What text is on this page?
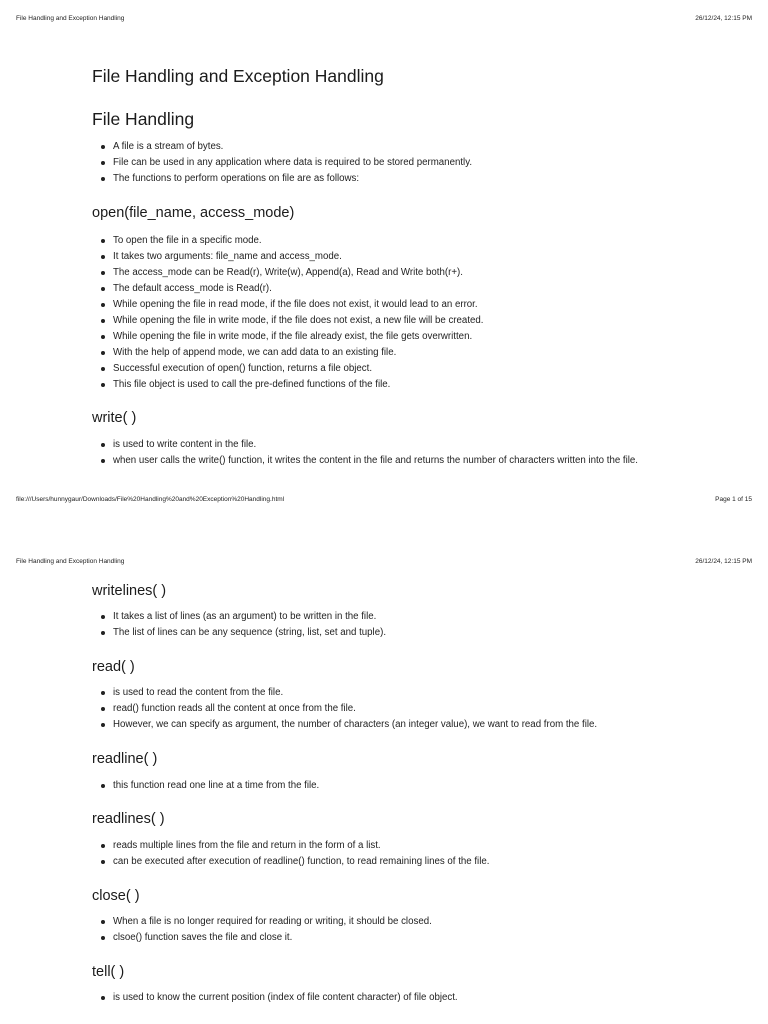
File Handling and Exception Handling	26/12/24, 12:15 PM
File Handling and Exception Handling
File Handling
A file is a stream of bytes.
File can be used in any application where data is required to be stored permanently.
The functions to perform operations on file are as follows:
open(file_name, access_mode)
To open the file in a specific mode.
It takes two arguments: file_name and access_mode.
The access_mode can be Read(r), Write(w), Append(a), Read and Write both(r+).
The default access_mode is Read(r).
While opening the file in read mode, if the file does not exist, it would lead to an error.
While opening the file in write mode, if the file does not exist, a new file will be created.
While opening the file in write mode, if the file already exist, the file gets overwritten.
With the help of append mode, we can add data to an existing file.
Successful execution of open() function, returns a file object.
This file object is used to call the pre-defined functions of the file.
write( )
is used to write content in the file.
when user calls the write() function, it writes the content in the file and returns the number of characters written into the file.
file:///Users/hunnygaur/Downloads/File%20Handling%20and%20Exception%20Handling.html	Page 1 of 15
File Handling and Exception Handling	26/12/24, 12:15 PM
writelines( )
It takes a list of lines (as an argument) to be written in the file.
The list of lines can be any sequence (string, list, set and tuple).
read( )
is used to read the content from the file.
read() function reads all the content at once from the file.
However, we can specify as argument, the number of characters (an integer value), we want to read from the file.
readline( )
this function read one line at a time from the file.
readlines( )
reads multiple lines from the file and return in the form of a list.
can be executed after execution of readline() function, to read remaining lines of the file.
close( )
When a file is no longer required for reading or writing, it should be closed.
clsoe() function saves the file and close it.
tell( )
is used to know the current position (index of file content character) of file object.
